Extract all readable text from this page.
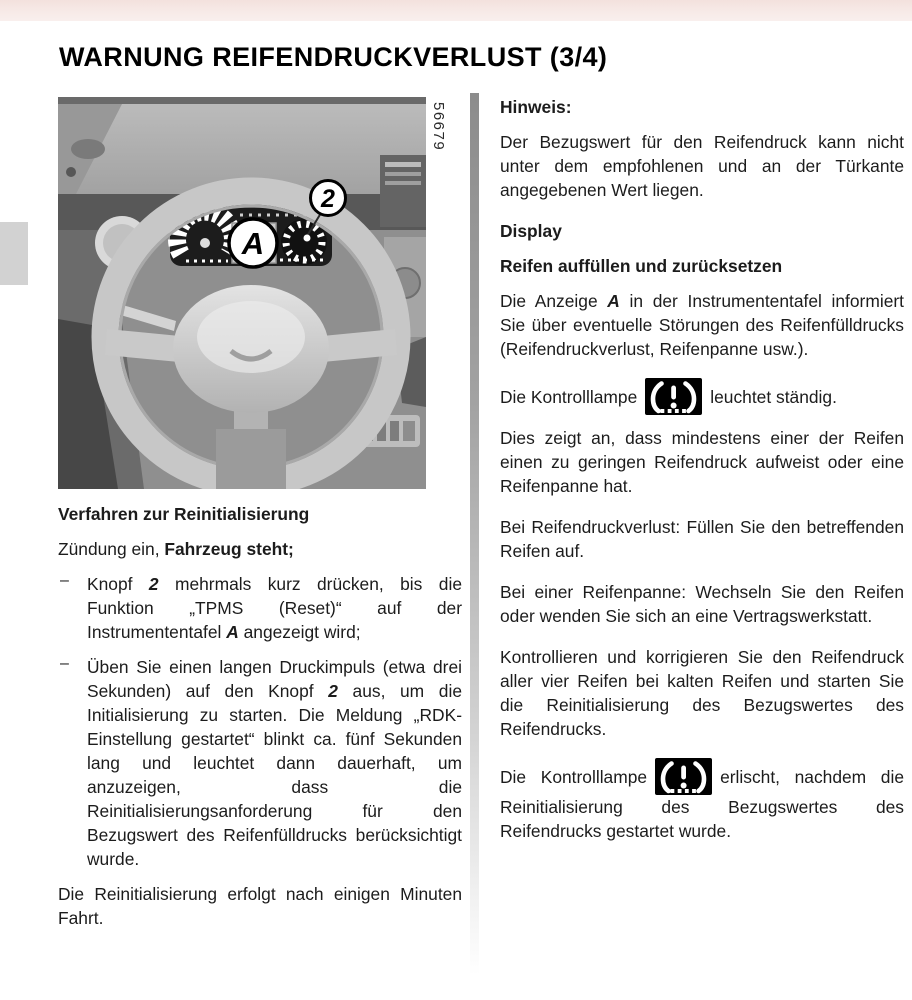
WARNUNG REIFENDRUCKVERLUST (3/4)
A
2
56679

Verfahren zur Reinitialisierung

Zündung ein, Fahrzeug steht;

– Knopf 2 mehrmals kurz drücken, bis die Funktion „TPMS (Reset)“ auf der Instrumententafel A angezeigt wird;

– Üben Sie einen langen Druckimpuls (etwa drei Sekunden) auf den Knopf 2 aus, um die Initialisierung zu starten. Die Meldung „RDK-Einstellung gestartet“ blinkt ca. fünf Sekunden lang und leuchtet dann dauerhaft, um anzuzeigen, dass die Reinitialisierungsanforderung für den Bezugswert des Reifenfülldrucks berücksichtigt wurde.

Die Reinitialisierung erfolgt nach einigen Minuten Fahrt.

Hinweis:

Der Bezugswert für den Reifendruck kann nicht unter dem empfohlenen und an der Türkante angegebenen Wert liegen.

Display

Reifen auffüllen und zurücksetzen

Die Anzeige A in der Instrumententafel informiert Sie über eventuelle Störungen des Reifenfülldrucks (Reifendruckverlust, Reifenpanne usw.).

Die Kontrolllampe	leuchtet ständig.

Dies zeigt an, dass mindestens einer der Reifen einen zu geringen Reifendruck aufweist oder eine Reifenpanne hat.

Bei Reifendruckverlust: Füllen Sie den betreffenden Reifen auf.

Bei einer Reifenpanne: Wechseln Sie den Reifen oder wenden Sie sich an eine Vertragswerkstatt.

Kontrollieren und korrigieren Sie den Reifendruck aller vier Reifen bei kalten Reifen und starten Sie die Reinitialisierung des Bezugswertes des Reifendrucks.

Die Kontrolllampe	erlischt, nachdem die Reinitialisierung des Bezugswertes des Reifendrucks gestartet wurde.
